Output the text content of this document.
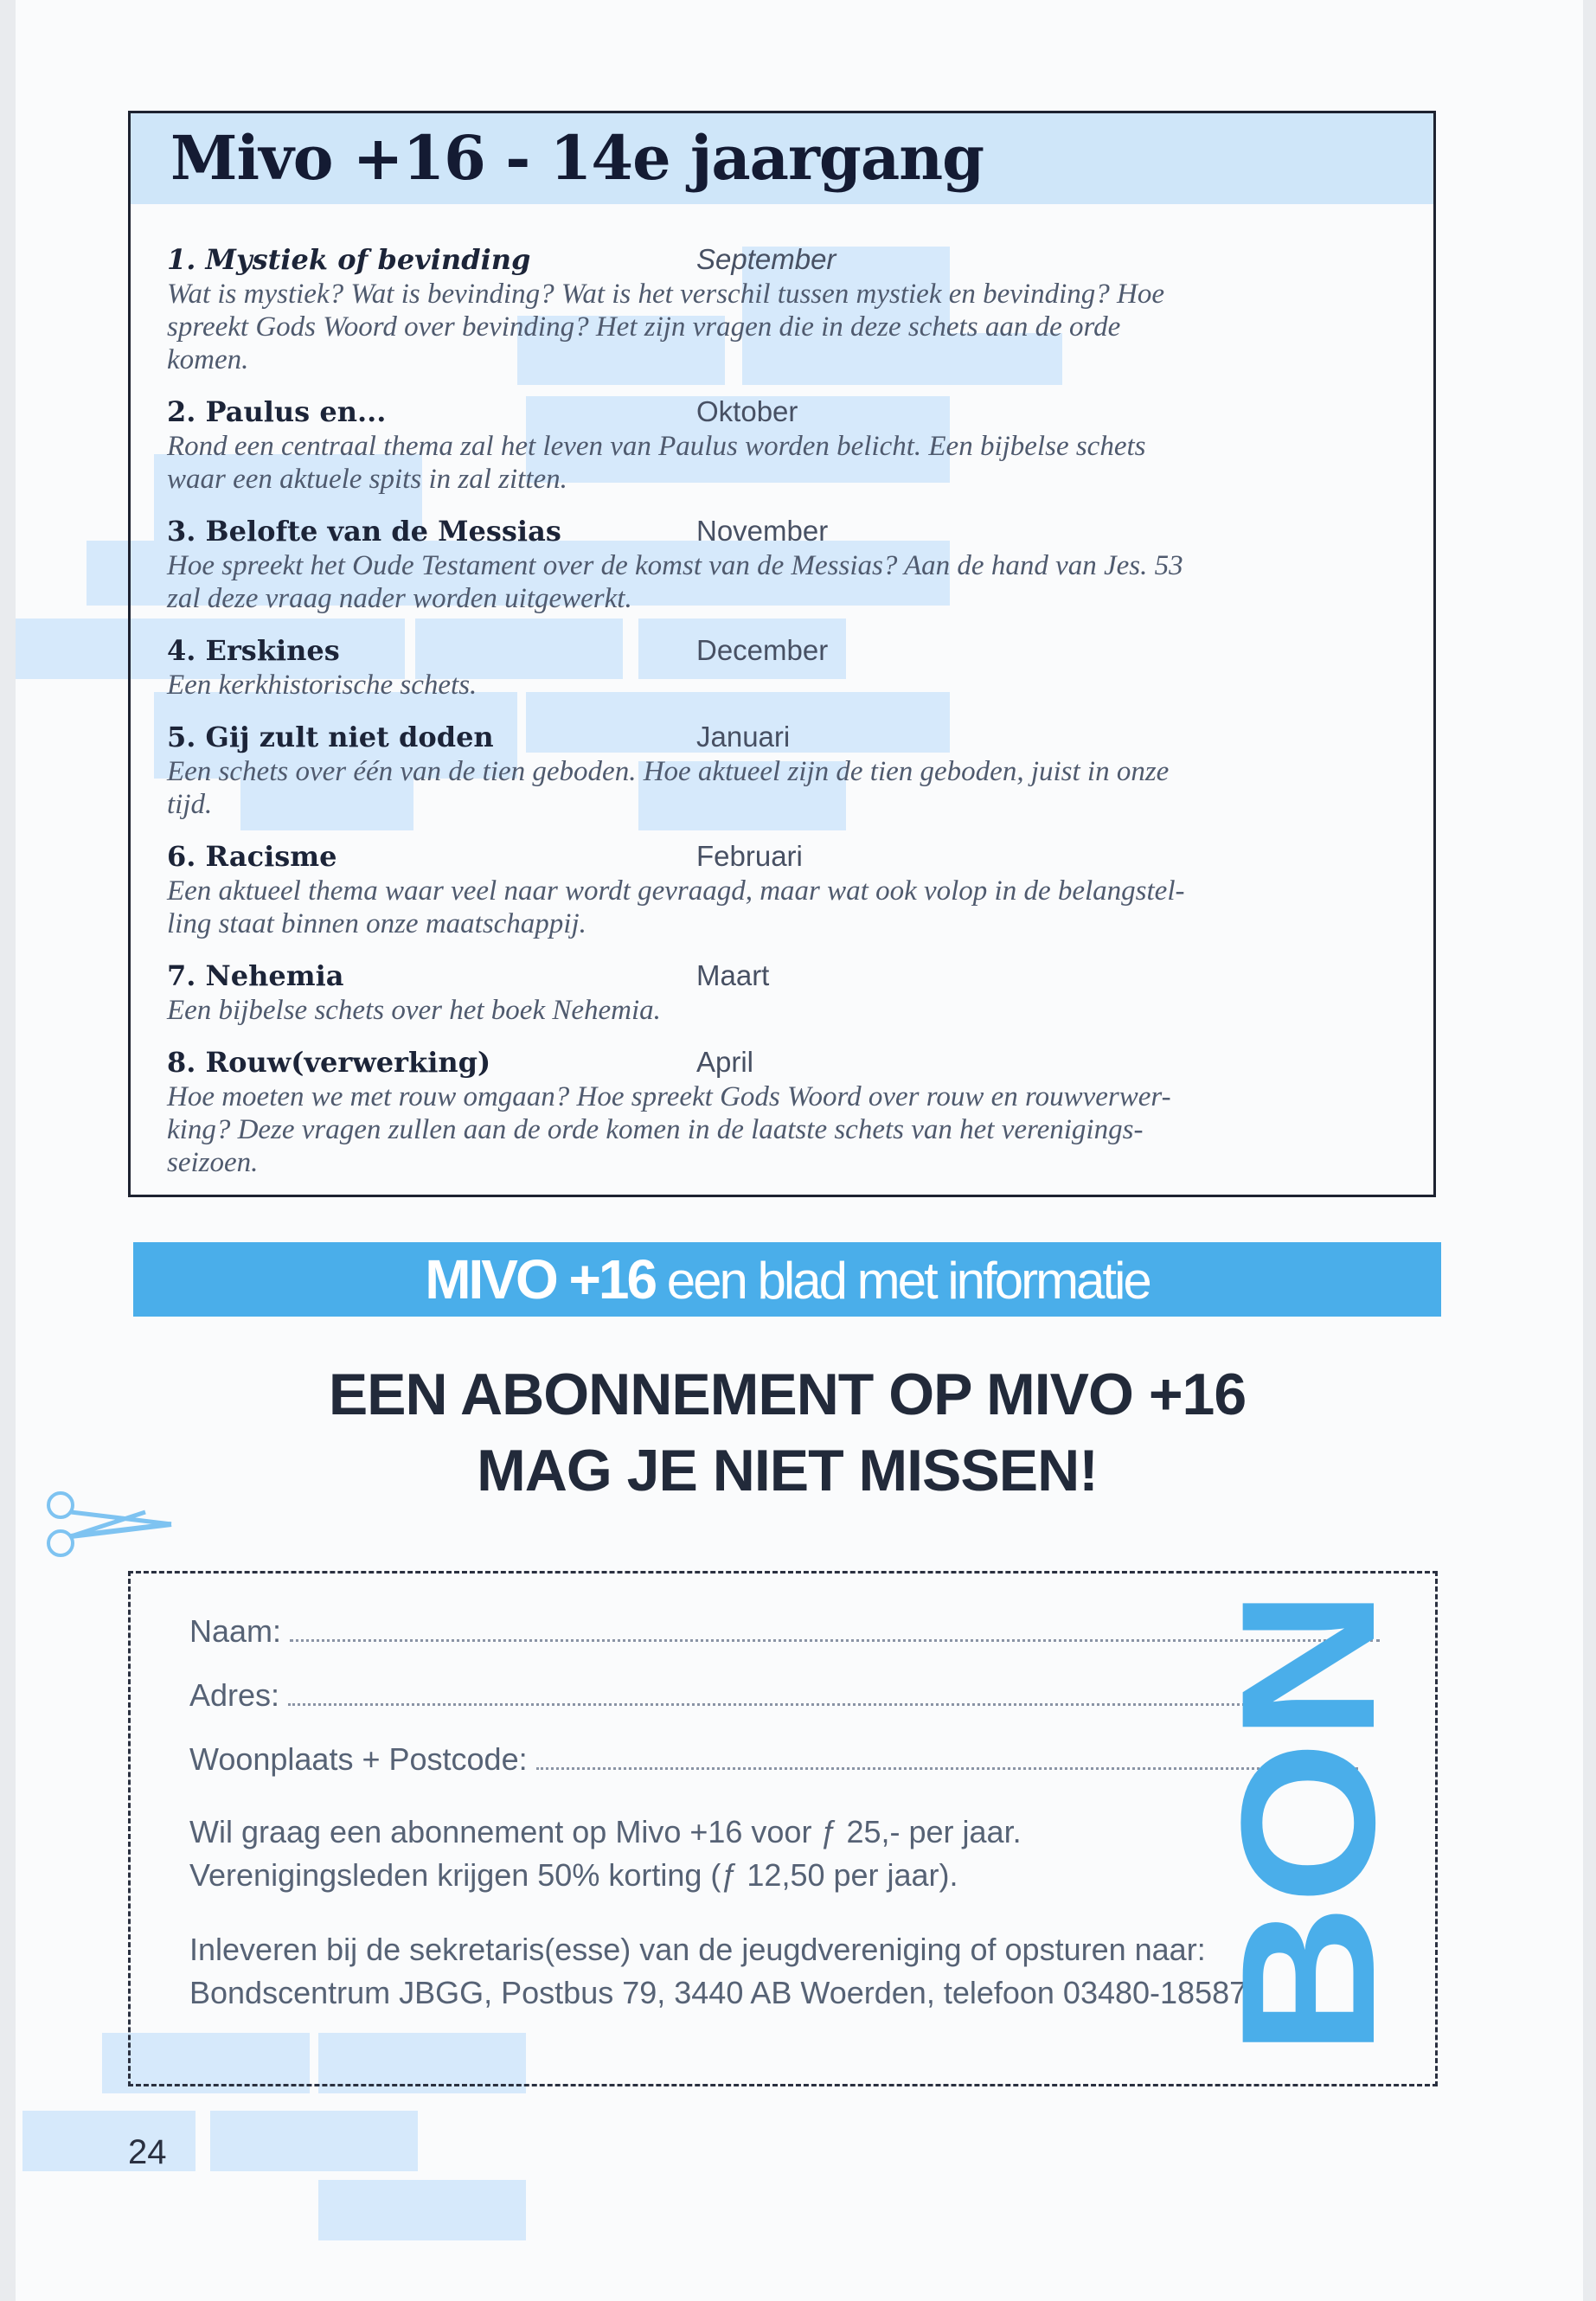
Mivo +16 - 14e jaargang
1. Mystiek of bevinding	September
Wat is mystiek? Wat is bevinding? Wat is het verschil tussen mystiek en bevinding? Hoe
spreekt Gods Woord over bevinding? Het zijn vragen die in deze schets aan de orde
komen.
2. Paulus en...	Oktober
Rond een centraal thema zal het leven van Paulus worden belicht. Een bijbelse schets
waar een aktuele spits in zal zitten.
3. Belofte van de Messias	November
Hoe spreekt het Oude Testament over de komst van de Messias? Aan de hand van Jes. 53
zal deze vraag nader worden uitgewerkt.
4. Erskines	December
Een kerkhistorische schets.
5. Gij zult niet doden	Januari
Een schets over één van de tien geboden. Hoe aktueel zijn de tien geboden, juist in onze
tijd.
6. Racisme	Februari
Een aktueel thema waar veel naar wordt gevraagd, maar wat ook volop in de belangstel-
ling staat binnen onze maatschappij.
7. Nehemia	Maart
Een bijbelse schets over het boek Nehemia.
8. Rouw(verwerking)	April
Hoe moeten we met rouw omgaan? Hoe spreekt Gods Woord over rouw en rouwverwer-
king? Deze vragen zullen aan de orde komen in de laatste schets van het verenigings-
seizoen.
MIVO +16 een blad met informatie
EEN ABONNEMENT OP MIVO +16
MAG JE NIET MISSEN!
Naam:
Adres:
Woonplaats + Postcode:
Wil graag een abonnement op Mivo +16 voor ƒ 25,- per jaar.
Verenigingsleden krijgen 50% korting (ƒ 12,50 per jaar).
Inleveren bij de sekretaris(esse) van de jeugdvereniging of opsturen naar:
Bondscentrum JBGG, Postbus 79, 3440 AB Woerden, telefoon 03480-18587
BON
24
